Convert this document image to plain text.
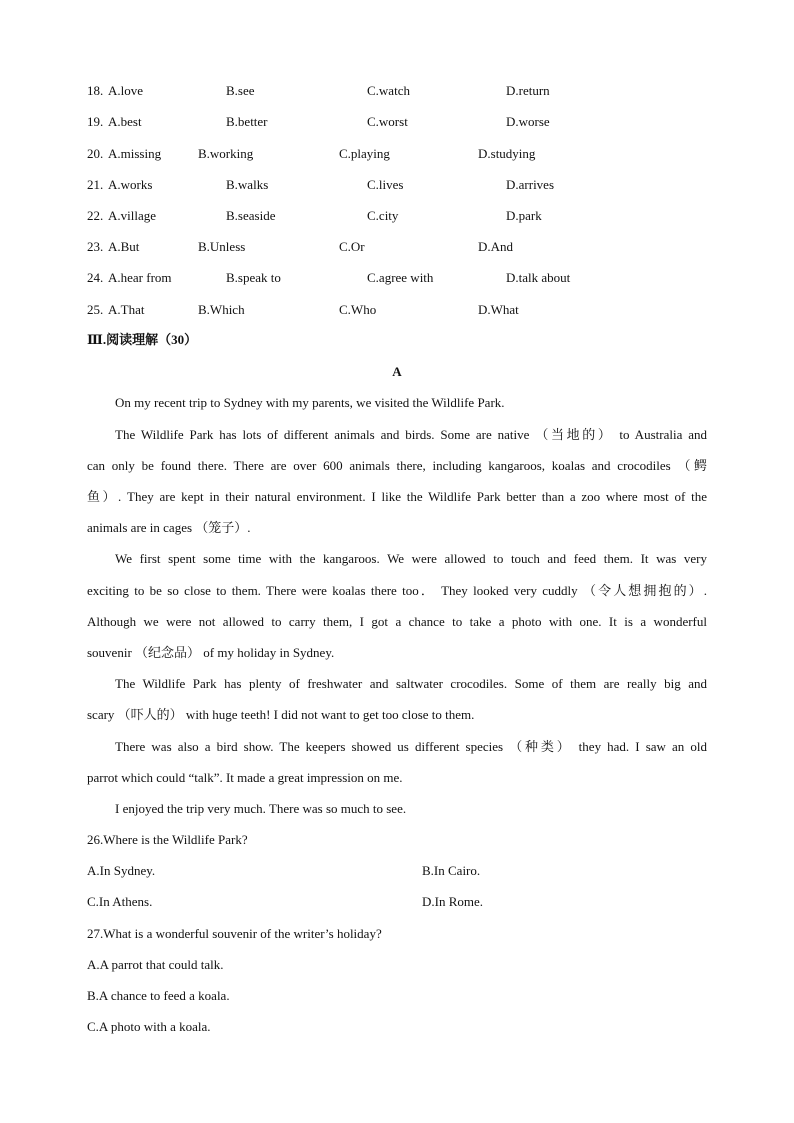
18. A.love	B.see	C.watch	D.return
19. A.best	B.better	C.worst	D.worse
20. A.missing	B.working	C.playing	D.studying
21. A.works	B.walks	C.lives	D.arrives
22. A.village	B.seaside	C.city	D.park
23. A.But	B.Unless	C.Or	D.And
24. A.hear from	B.speak to	C.agree with	D.talk about
25. A.That	B.Which	C.Who	D.What
Ⅲ.阅读理解（30）
A
On my recent trip to Sydney with my parents, we visited the Wildlife Park.
The Wildlife Park has lots of different animals and birds. Some are native （当地的） to Australia and
can only be found there. There are over 600 animals there, including kangaroos, koalas and crocodiles （鳄
鱼）. They are kept in their natural environment. I like the Wildlife Park better than a zoo where most of the
animals are in cages （笼子）.
We first spent some time with the kangaroos. We were allowed to touch and feed them. It was very
exciting to be so close to them. There were koalas there too． They looked very cuddly （令人想拥抱的）.
Although we were not allowed to carry them, I got a chance to take a photo with one. It is a wonderful
souvenir （纪念品） of my holiday in Sydney.
The Wildlife Park has plenty of freshwater and saltwater crocodiles. Some of them are really big and
scary （吓人的） with huge teeth! I did not want to get too close to them.
There was also a bird show. The keepers showed us different species （种类） they had. I saw an old
parrot which could “talk”. It made a great impression on me.
I enjoyed the trip very much. There was so much to see.
26.Where is the Wildlife Park?
A.In Sydney.	B.In Cairo.
C.In Athens.	D.In Rome.
27.What is a wonderful souvenir of the writer’s holiday?
A.A parrot that could talk.
B.A chance to feed a koala.
C.A photo with a koala.
